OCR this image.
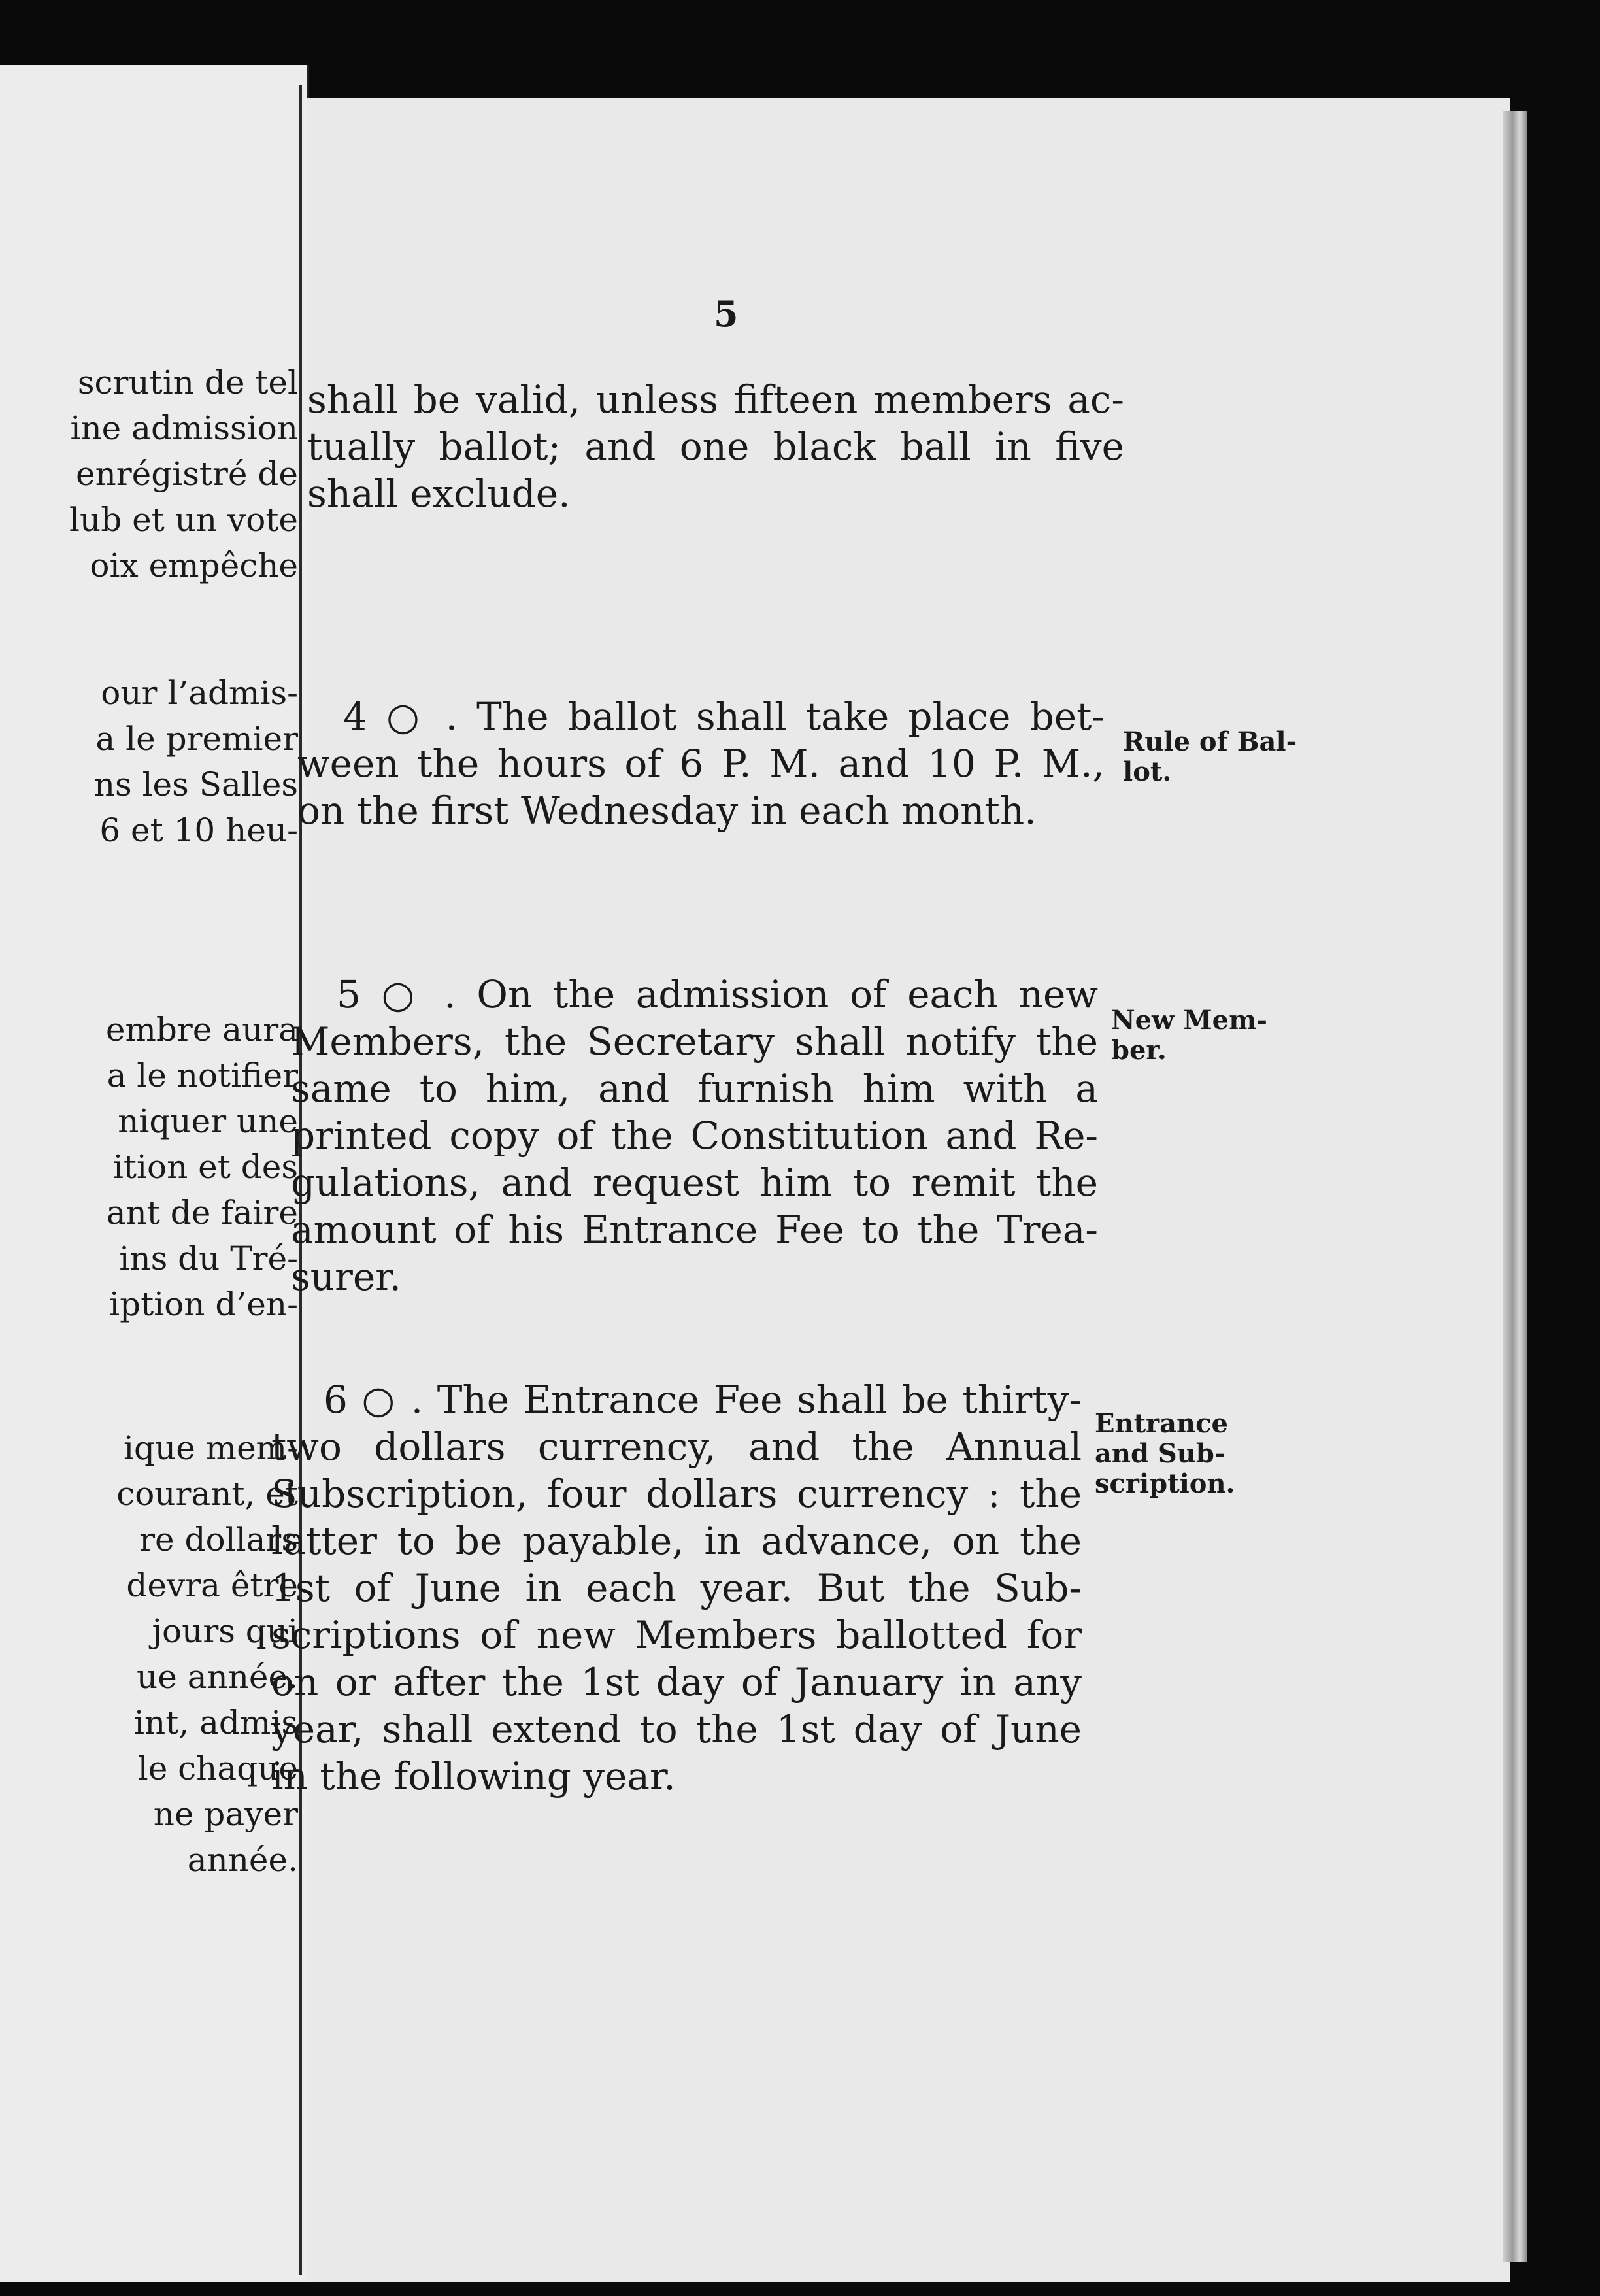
scrutin de tel
ine admission
enrégistré de
lub et un vote
oix empêche
our l’admis-
a le premier
ns les Salles
6 et 10 heu-
embre aura
a le notifier
niquer une
ition et des
ant de faire
ins du Tré-
iption d’en-
ique mem-
courant, et
re dollars
devra être
jours qui
ue année.
int, admis
le chaque
ne payer
année.
5
shall be valid, unless fifteen members ac-
tually ballot; and one black ball in five
shall exclude.
4 ○ . The ballot shall take place bet-
ween the hours of 6 P. M. and 10 P. M.,
on the first Wednesday in each month.
Rule of Bal-
lot.
5 ○ . On the admission of each new
Members, the Secretary shall notify the
same to him, and furnish him with a
printed copy of the Constitution and Re-
gulations, and request him to remit the
amount of his Entrance Fee to the Trea-
surer.
New Mem-
ber.
6 ○ . The Entrance Fee shall be thirty-
two dollars currency, and the Annual
Subscription, four dollars currency : the
latter to be payable, in advance, on the
1st of June in each year. But the Sub-
scriptions of new Members ballotted for
on or after the 1st day of January in any
year, shall extend to the 1st day of June
in the following year.
Entrance
and Sub-
scription.
